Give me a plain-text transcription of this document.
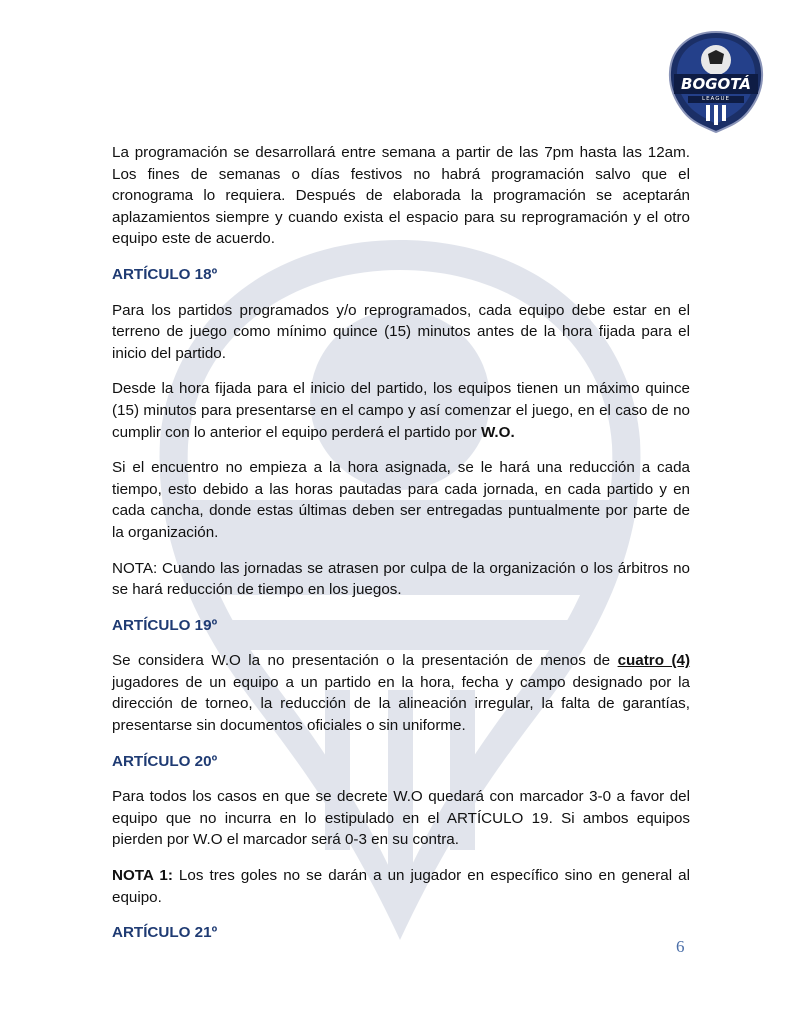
BOGOTÁ
LEAGUE

La programación se desarrollará entre semana a partir de las 7pm hasta las 12am. Los fines de semanas o días festivos no habrá programación salvo que el cronograma lo requiera. Después de elaborada la programación se aceptarán aplazamientos siempre y cuando exista el espacio para su reprogramación y el otro equipo este de acuerdo.

ARTÍCULO 18º

Para los partidos programados y/o reprogramados, cada equipo debe estar en el terreno de juego como mínimo quince (15) minutos antes de la hora fijada para el inicio del partido.

Desde la hora fijada para el inicio del partido, los equipos tienen un máximo quince (15) minutos para presentarse en el campo y así comenzar el juego, en el caso de no cumplir con lo anterior el equipo perderá el partido por W.O.

Si el encuentro no empieza a la hora asignada, se le hará una reducción a cada tiempo, esto debido a las horas pautadas para cada jornada, en cada partido y en cada cancha, donde estas últimas deben ser entregadas puntualmente por parte de la organización.

NOTA: Cuando las jornadas se atrasen por culpa de la organización o los árbitros no se hará reducción de tiempo en los juegos.

ARTÍCULO 19º

Se considera W.O la no presentación o la presentación de menos de cuatro (4) jugadores de un equipo a un partido en la hora, fecha y campo designado por la dirección de torneo, la reducción de la alineación irregular, la falta de garantías, presentarse sin documentos oficiales o sin uniforme.

ARTÍCULO 20º

Para todos los casos en que se decrete W.O quedará con marcador 3-0 a favor del equipo que no incurra en lo estipulado en el ARTÍCULO 19. Si ambos equipos pierden por W.O el marcador será 0-3 en su contra.

NOTA 1: Los tres goles no se darán a un jugador en específico sino en general al equipo.

ARTÍCULO 21º

6
